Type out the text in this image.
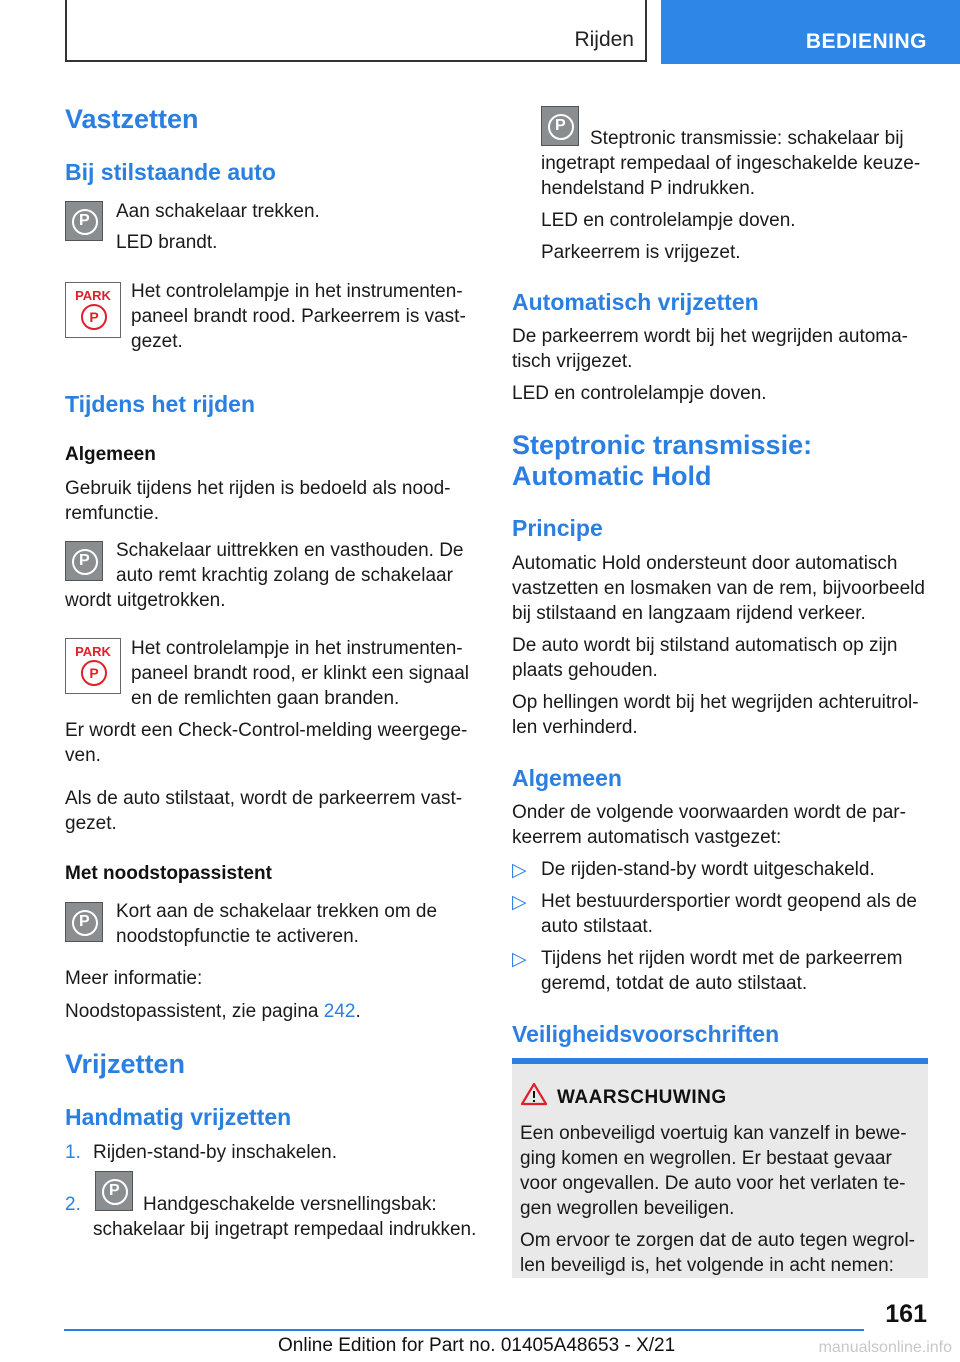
Rijden	BEDIENING
Vastzetten
Bij stilstaande auto
P Aan schakelaar trekken.
LED brandt.
PARK
P
Het controlelampje in het instrumenten-
paneel brandt rood. Parkeerrem is vast-
gezet.
Tijdens het rijden
Algemeen
Gebruik tijdens het rijden is bedoeld als nood-
remfunctie.
P Schakelaar uittrekken en vasthouden. De
auto remt krachtig zolang de schakelaar
wordt uitgetrokken.
PARK
P
Het controlelampje in het instrumenten-
paneel brandt rood, er klinkt een signaal
en de remlichten gaan branden.
Er wordt een Check-Control-melding weergege-
ven.
Als de auto stilstaat, wordt de parkeerrem vast-
gezet.
Met noodstopassistent
P Kort aan de schakelaar trekken om de
noodstopfunctie te activeren.
Meer informatie:
Noodstopassistent, zie pagina 242.
Vrijzetten
Handmatig vrijzetten
1. Rijden-stand-by inschakelen.
2.
P
Handgeschakelde versnellingsbak:
schakelaar bij ingetrapt rempedaal indrukken.
P
Steptronic transmissie: schakelaar bij
ingetrapt rempedaal of ingeschakelde keuze-
hendelstand P indrukken.
LED en controlelampje doven.
Parkeerrem is vrijgezet.
Automatisch vrijzetten
De parkeerrem wordt bij het wegrijden automa-
tisch vrijgezet.
LED en controlelampje doven.
Steptronic transmissie:
Automatic Hold
Principe
Automatic Hold ondersteunt door automatisch
vastzetten en losmaken van de rem, bijvoorbeeld
bij stilstaand en langzaam rijdend verkeer.
De auto wordt bij stilstand automatisch op zijn
plaats gehouden.
Op hellingen wordt bij het wegrijden achteruitrol-
len verhinderd.
Algemeen
Onder de volgende voorwaarden wordt de par-
keerrem automatisch vastgezet:
▷ De rijden-stand-by wordt uitgeschakeld.
▷ Het bestuurdersportier wordt geopend als de
auto stilstaat.
▷ Tijdens het rijden wordt met de parkeerrem
geremd, totdat de auto stilstaat.
Veiligheidsvoorschriften
WAARSCHUWING
Een onbeveiligd voertuig kan vanzelf in bewe-
ging komen en wegrollen. Er bestaat gevaar
voor ongevallen. De auto voor het verlaten te-
gen wegrollen beveiligen.
Om ervoor te zorgen dat de auto tegen wegrol-
len beveiligd is, het volgende in acht nemen:
161
Online Edition for Part no. 01405A48653 - X/21	manualsonline.info
